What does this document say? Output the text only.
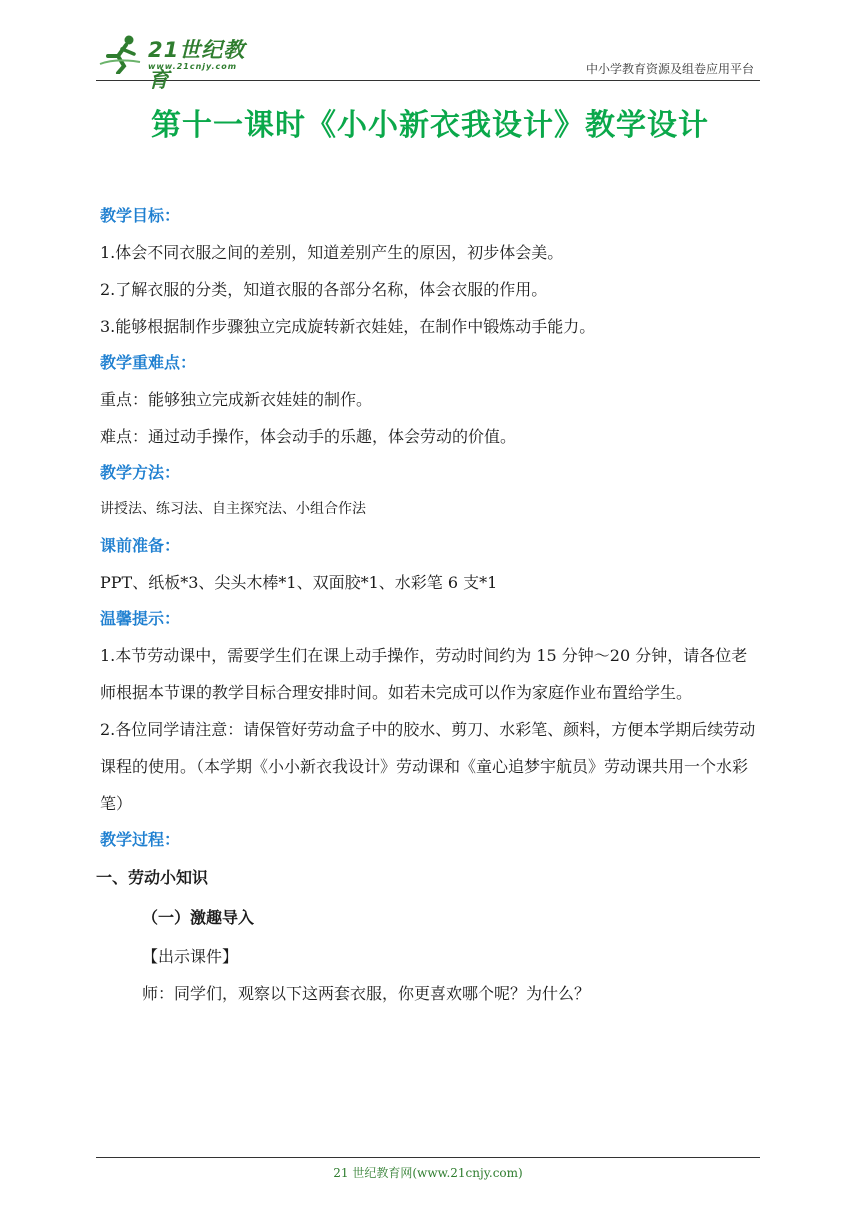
21世纪教育
www.21cnjy.com	中小学教育资源及组卷应用平台
第十一课时《小小新衣我设计》教学设计
教学目标：
1.体会不同衣服之间的差别，知道差别产生的原因，初步体会美。
2.了解衣服的分类，知道衣服的各部分名称，体会衣服的作用。
3.能够根据制作步骤独立完成旋转新衣娃娃，在制作中锻炼动手能力。
教学重难点：
重点：能够独立完成新衣娃娃的制作。
难点：通过动手操作，体会动手的乐趣，体会劳动的价值。
教学方法：
讲授法、练习法、自主探究法、小组合作法
课前准备：
PPT、纸板*3、尖头木棒*1、双面胶*1、水彩笔 6 支*1
温馨提示：
1.本节劳动课中，需要学生们在课上动手操作，劳动时间约为 15 分钟～20 分钟，请各位老师根据本节课的教学目标合理安排时间。如若未完成可以作为家庭作业布置给学生。
2.各位同学请注意：请保管好劳动盒子中的胶水、剪刀、水彩笔、颜料，方便本学期后续劳动课程的使用。（本学期《小小新衣我设计》劳动课和《童心追梦宇航员》劳动课共用一个水彩笔）
教学过程：
一、劳动小知识
（一）激趣导入
【出示课件】
师：同学们，观察以下这两套衣服，你更喜欢哪个呢？为什么？
21 世纪教育网(www.21cnjy.com)
